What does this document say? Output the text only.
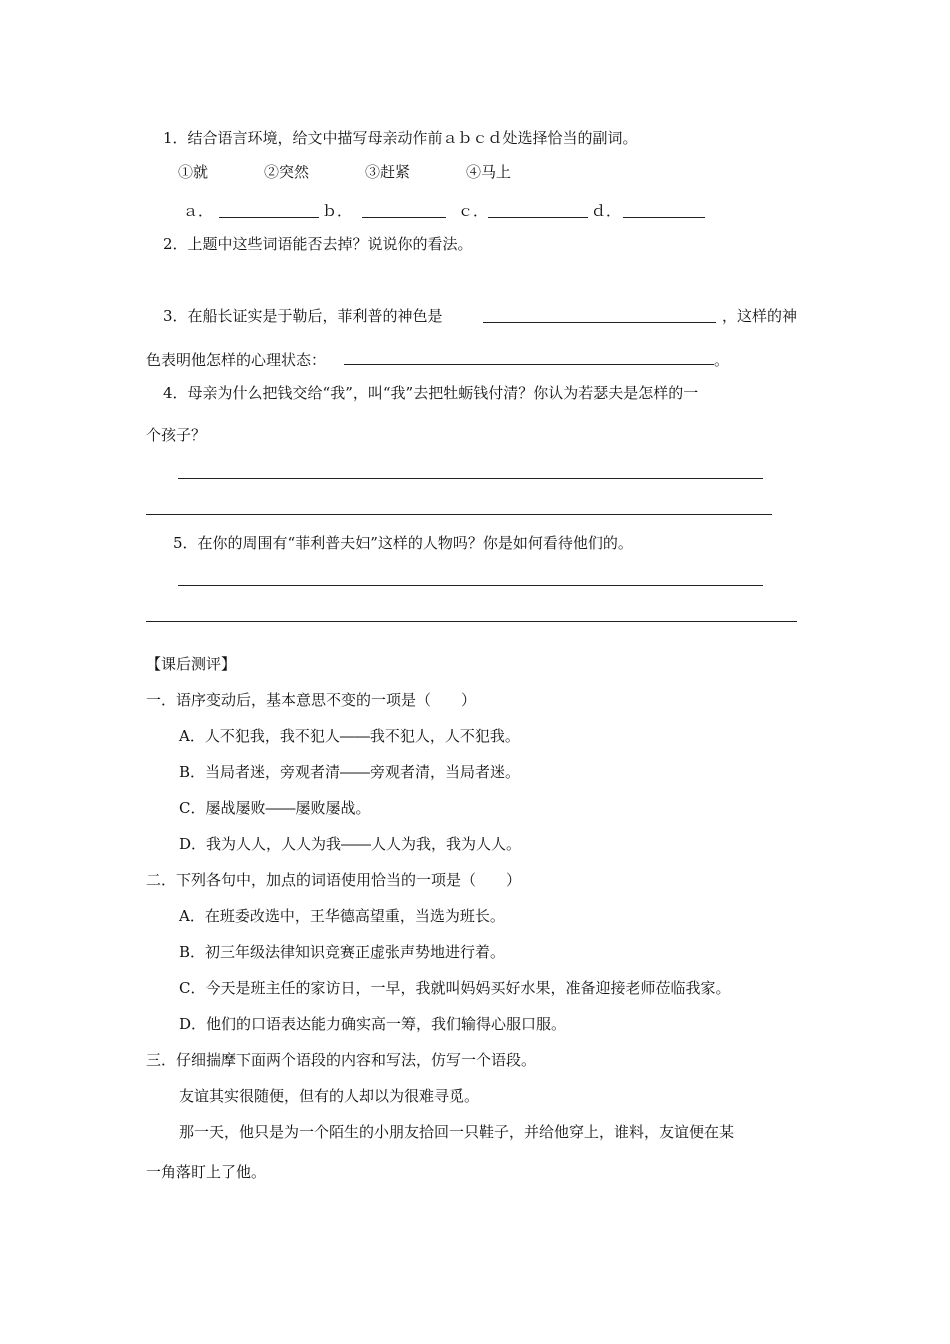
1．结合语言环境，给文中描写母亲动作前ａｂｃｄ处选择恰当的副词。
①就	②突然	③赶紧	④马上
ａ．	ｂ．	ｃ．	ｄ．
2．上题中这些词语能否去掉？说说你的看法。
3．在船长证实是于勒后，菲利普的神色是	，这样的神
色表明他怎样的心理状态：	。
4．母亲为什么把钱交给“我”，叫“我”去把牡蛎钱付清？你认为若瑟夫是怎样的一
个孩子？
5．在你的周围有“菲利普夫妇”这样的人物吗？你是如何看待他们的。
【课后测评】
一．语序变动后，基本意思不变的一项是（　　）
A．人不犯我，我不犯人――我不犯人，人不犯我。
B．当局者迷，旁观者清――旁观者清，当局者迷。
C．屡战屡败――屡败屡战。
D．我为人人，人人为我――人人为我，我为人人。
二．下列各句中，加点的词语使用恰当的一项是（　　）
A．在班委改选中，王华德高望重，当选为班长。
B．初三年级法律知识竞赛正虚张声势地进行着。
C．今天是班主任的家访日，一早，我就叫妈妈买好水果，准备迎接老师莅临我家。
D．他们的口语表达能力确实高一筹，我们输得心服口服。
三．仔细揣摩下面两个语段的内容和写法，仿写一个语段。
友谊其实很随便，但有的人却以为很难寻觅。
那一天，他只是为一个陌生的小朋友拾回一只鞋子，并给他穿上，谁料，友谊便在某
一角落盯上了他。
